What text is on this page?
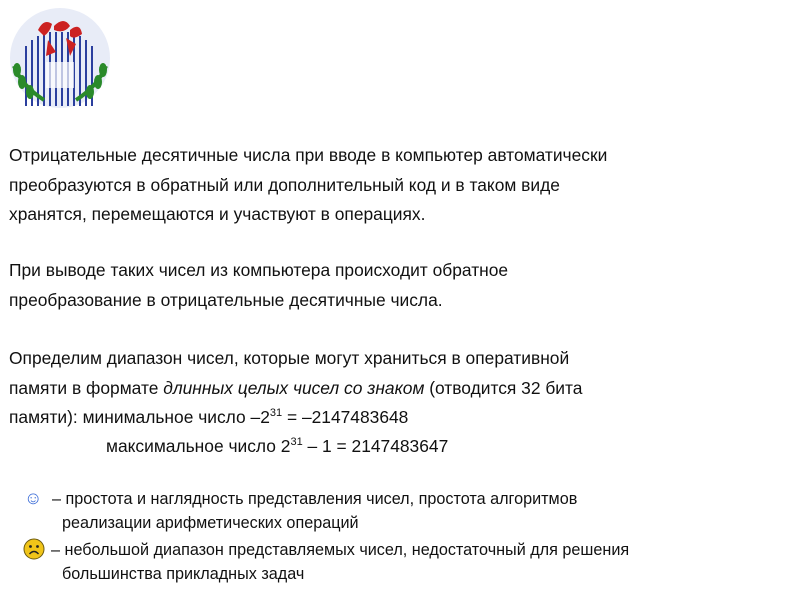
Отрицательные десятичные числа при вводе в компьютер автоматически
преобразуются в обратный или дополнительный код и в таком виде
хранятся, перемещаются и участвуют в операциях.

При выводе таких чисел из компьютера происходит обратное
преобразование в отрицательные десятичные числа.

Определим диапазон чисел, которые могут храниться в оперативной
памяти в формате длинных целых чисел со знаком (отводится 32 бита
памяти): минимальное число $-2^{31} = -2147483648$

максимальное число $2^{31} - 1 = 2147483647$

☺ – простота и наглядность представления чисел, простота алгоритмов
реализации арифметических операций

– небольшой диапазон представляемых чисел, недостаточный для решения
большинства прикладных задач
